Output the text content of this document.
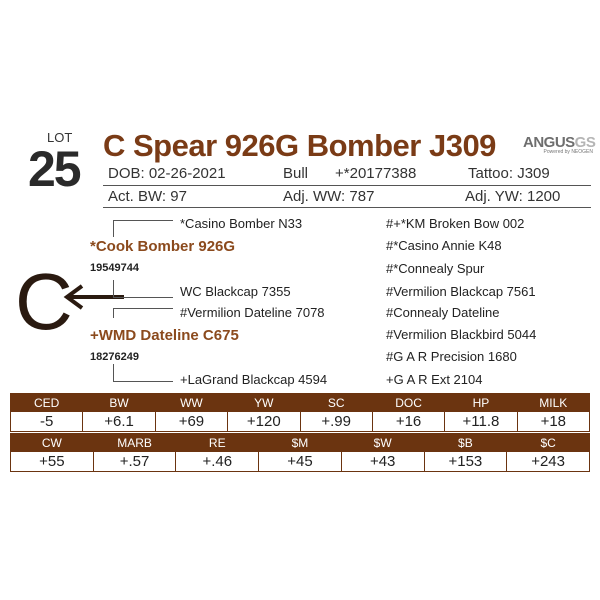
LOT
25 C Spear 926G Bomber J309 ANGUSGS
Powered by NEOGEN
DOB: 02-26-2021	Bull +*20177388	Tattoo: J309
Act. BW: 97	Adj. WW: 787	Adj. YW: 1200
C
*Casino Bomber N33
*Cook Bomber 926G
19549744
WC Blackcap 7355
#Vermilion Dateline 7078
+WMD Dateline C675
18276249
+LaGrand Blackcap 4594
#+*KM Broken Bow 002
#*Casino Annie K48
#*Connealy Spur
#Vermilion Blackcap 7561
#Connealy Dateline
#Vermilion Blackbird 5044
#G A R Precision 1680
+G A R Ext 2104
CED	BW	WW	YW	SC	DOC	HP	MILK
-5	+6.1	+69	+120	+.99	+16	+11.8	+18
CW	MARB	RE	$M	$W	$B	$C
+55	+.57	+.46	+45	+43	+153	+243
